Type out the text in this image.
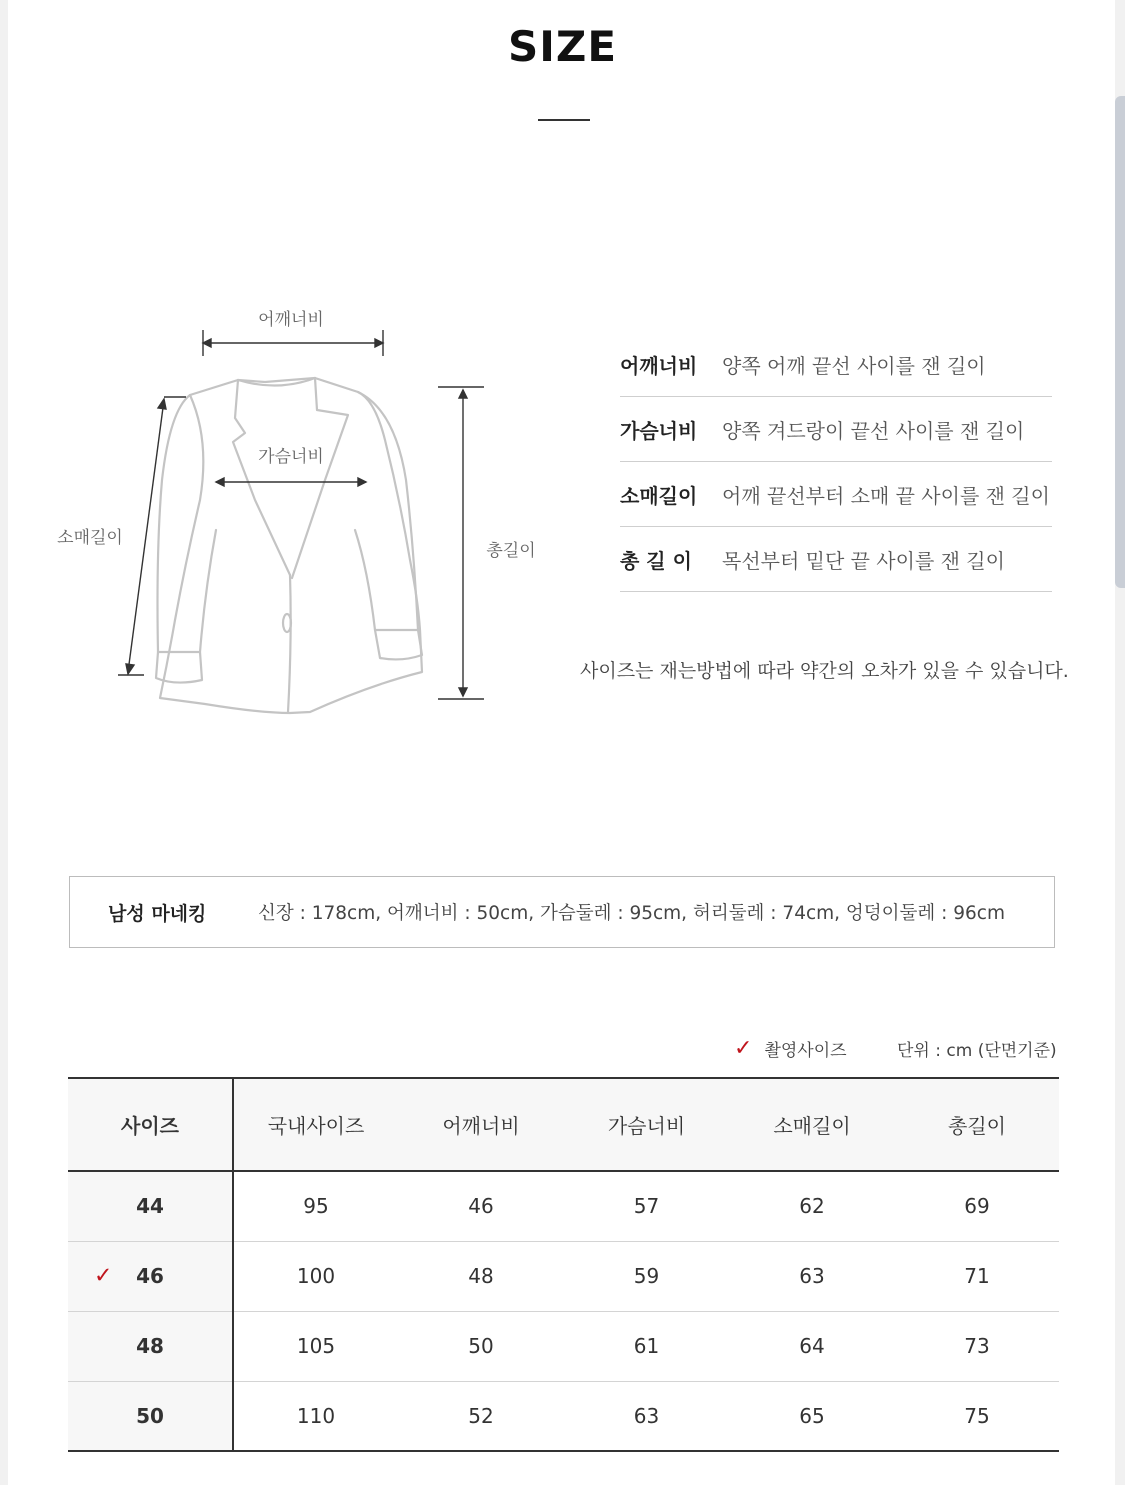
SIZE
어깨너비
가슴너비
소매길이
총길이
어깨너비	양쪽 어깨 끝선 사이를 잰 길이
가슴너비	양쪽 겨드랑이 끝선 사이를 잰 길이
소매길이	어깨 끝선부터 소매 끝 사이를 잰 길이
총 길 이	목선부터 밑단 끝 사이를 잰 길이
사이즈는 재는방법에 따라 약간의 오차가 있을 수 있습니다.
남성 마네킹	신장 : 178cm, 어깨너비 : 50cm, 가슴둘레 : 95cm, 허리둘레 : 74cm, 엉덩이둘레 : 96cm
✓ 촬영사이즈	단위 : cm (단면기준)
사이즈	국내사이즈	어깨너비	가슴너비	소매길이	총길이
44	95	46	57	62	69

✓ 46	100	48	59	63	71
48	105	50	61	64	73
50	110	52	63	65	75
